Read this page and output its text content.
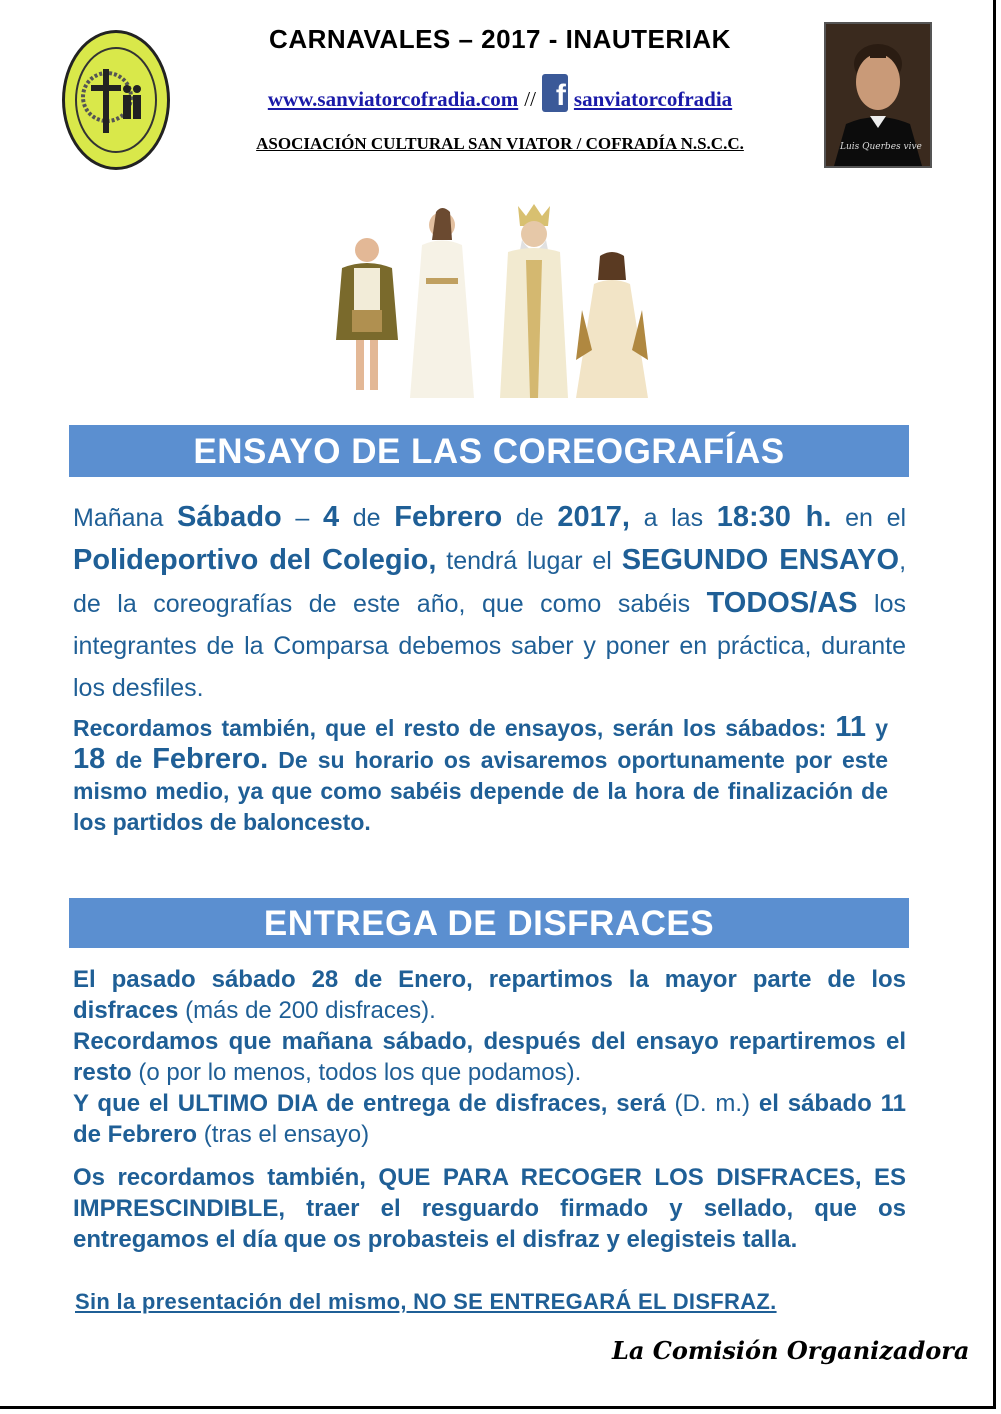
CARNAVALES – 2017 - INAUTERIAK
www.sanviatorcofradia.com // f sanviatorcofradia
ASOCIACIÓN CULTURAL SAN VIATOR / COFRADÍA N.S.C.C.	Luis Querbes vive
ENSAYO DE LAS COREOGRAFÍAS
Mañana Sábado – 4 de Febrero de 2017, a las 18:30 h. en el Polideportivo del Colegio, tendrá lugar el SEGUNDO ENSAYO, de la coreografías de este año, que como sabéis TODOS/AS los integrantes de la Comparsa debemos saber y poner en práctica, durante los desfiles.
Recordamos también, que el resto de ensayos, serán los sábados: 11 y 18 de Febrero. De su horario os avisaremos oportunamente por este mismo medio, ya que como sabéis depende de la hora de finalización de los partidos de baloncesto.
ENTREGA DE DISFRACES
El pasado sábado 28 de Enero, repartimos la mayor parte de los disfraces (más de 200 disfraces).
Recordamos que mañana sábado, después del ensayo repartiremos el resto (o por lo menos, todos los que podamos).
Y que el ULTIMO DIA de entrega de disfraces, será (D. m.) el sábado 11 de Febrero (tras el ensayo)
Os recordamos también, QUE PARA RECOGER LOS DISFRACES, ES IMPRESCINDIBLE, traer el resguardo firmado y sellado, que os entregamos el día que os probasteis el disfraz y elegisteis talla.
Sin la presentación del mismo, NO SE ENTREGARÁ EL DISFRAZ.
La Comisión Organizadora
